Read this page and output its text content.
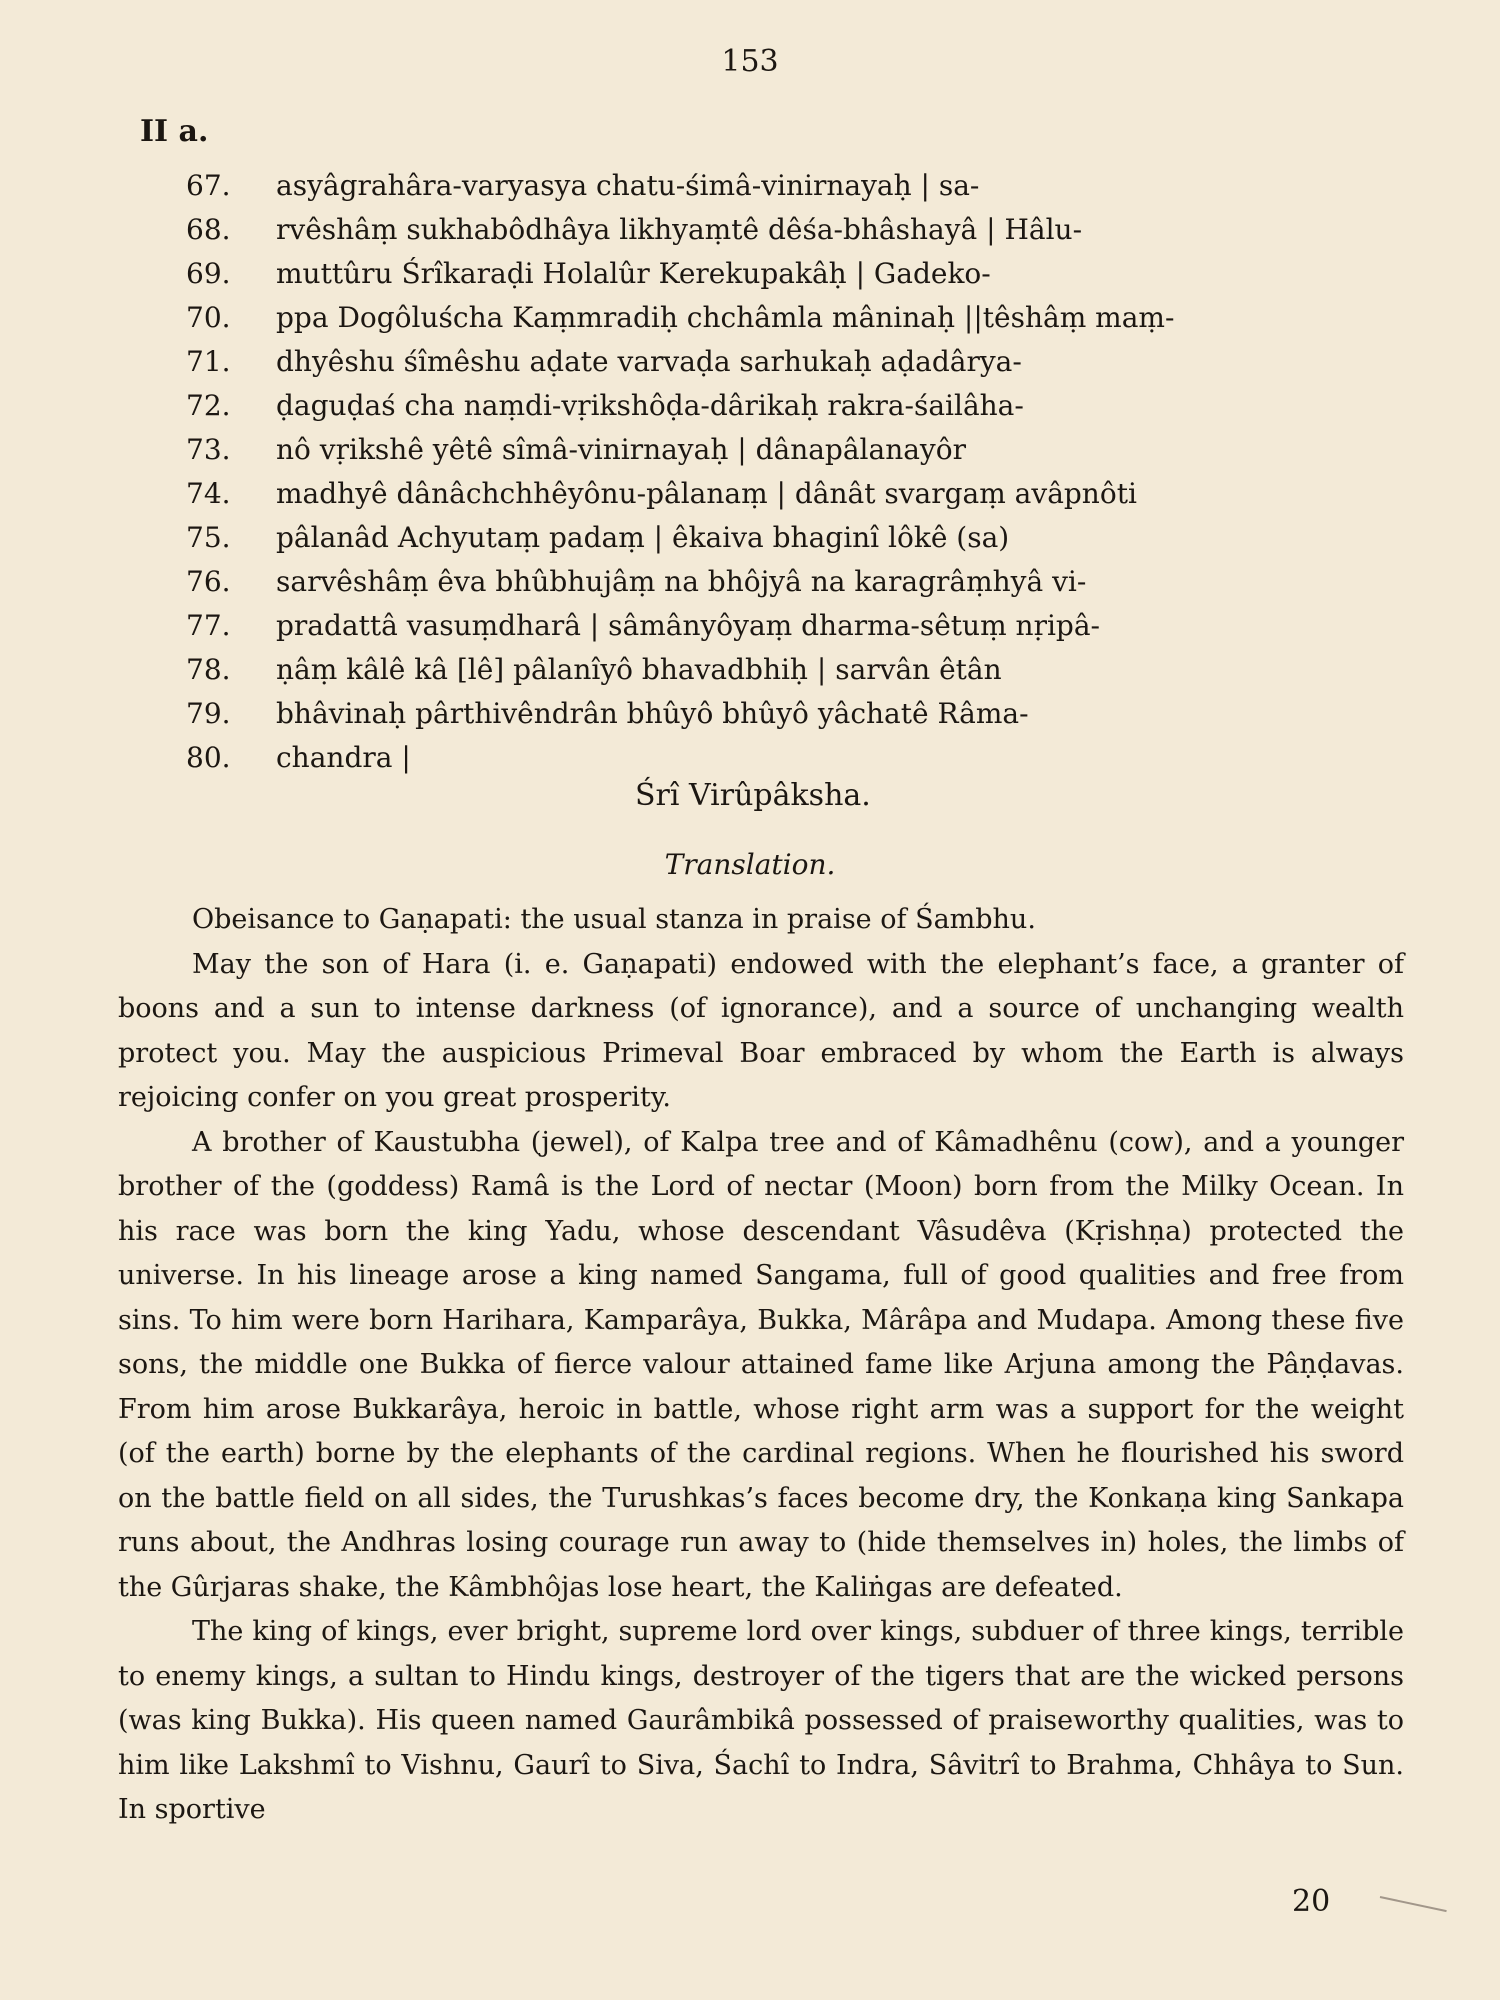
153
II a.
67.	asyâgrahâra-varyasya chatu-śimâ-vinirnayaḥ | sa-
68.	rvêshâṃ sukhabôdhâya likhyaṃtê dêśa-bhâshayâ | Hâlu-
69.	muttûru Śrîkaraḍi Holalûr Kerekupakâḥ | Gadeko-
70.	ppa Dogôluścha Kaṃmradiḥ chchâmla mâninaḥ ||têshâṃ maṃ-
71.	dhyêshu śîmêshu aḍate varvaḍa sarhukaḥ aḍadârya-
72.	ḍaguḍaś cha naṃdi-vṛikshôḍa-dârikaḥ rakra-śailâha-
73.	nô vṛikshê yêtê sîmâ-vinirnayaḥ | dânapâlanayôr
74.	madhyê dânâchchhêyônu-pâlanaṃ | dânât svargaṃ avâpnôti
75.	pâlanâd Achyutaṃ padaṃ | êkaiva bhaginî lôkê (sa)
76.	sarvêshâṃ êva bhûbhujâṃ na bhôjyâ na karagrâṃhyâ vi-
77.	pradattâ vasuṃdharâ | sâmânyôyaṃ dharma-sêtuṃ nṛipâ-
78.	ṇâṃ kâlê kâ [lê] pâlanîyô bhavadbhiḥ | sarvân êtân
79.	bhâvinaḥ pârthivêndrân bhûyô bhûyô yâchatê Râma-
80.	chandra |
Śrî Virûpâksha.
Translation.

Obeisance to Gaṇapati: the usual stanza in praise of Śambhu.

May the son of Hara (i. e. Gaṇapati) endowed with the elephant’s face, a granter of boons and a sun to intense darkness (of ignorance), and a source of unchanging wealth protect you. May the auspicious Primeval Boar embraced by whom the Earth is always rejoicing confer on you great prosperity.

A brother of Kaustubha (jewel), of Kalpa tree and of Kâmadhênu (cow), and a younger brother of the (goddess) Ramâ is the Lord of nectar (Moon) born from the Milky Ocean. In his race was born the king Yadu, whose descendant Vâsudêva (Kṛishṇa) protected the universe. In his lineage arose a king named Sangama, full of good qualities and free from sins. To him were born Harihara, Kamparâya, Bukka, Mârâpa and Mudapa. Among these five sons, the middle one Bukka of fierce valour attained fame like Arjuna among the Pâṇḍavas. From him arose Bukkarâya, heroic in battle, whose right arm was a support for the weight (of the earth) borne by the elephants of the cardinal regions. When he flourished his sword on the battle field on all sides, the Turushkas’s faces become dry, the Konkaṇa king Sankapa runs about, the Andhras losing courage run away to (hide themselves in) holes, the limbs of the Gûrjaras shake, the Kâmbhôjas lose heart, the Kaliṅgas are defeated.

The king of kings, ever bright, supreme lord over kings, subduer of three kings, terrible to enemy kings, a sultan to Hindu kings, destroyer of the tigers that are the wicked persons (was king Bukka). His queen named Gaurâmbikâ possessed of praiseworthy qualities, was to him like Lakshmî to Vishnu, Gaurî to Siva, Śachî to Indra, Sâvitrî to Brahma, Chhâya to Sun. In sportive

20
